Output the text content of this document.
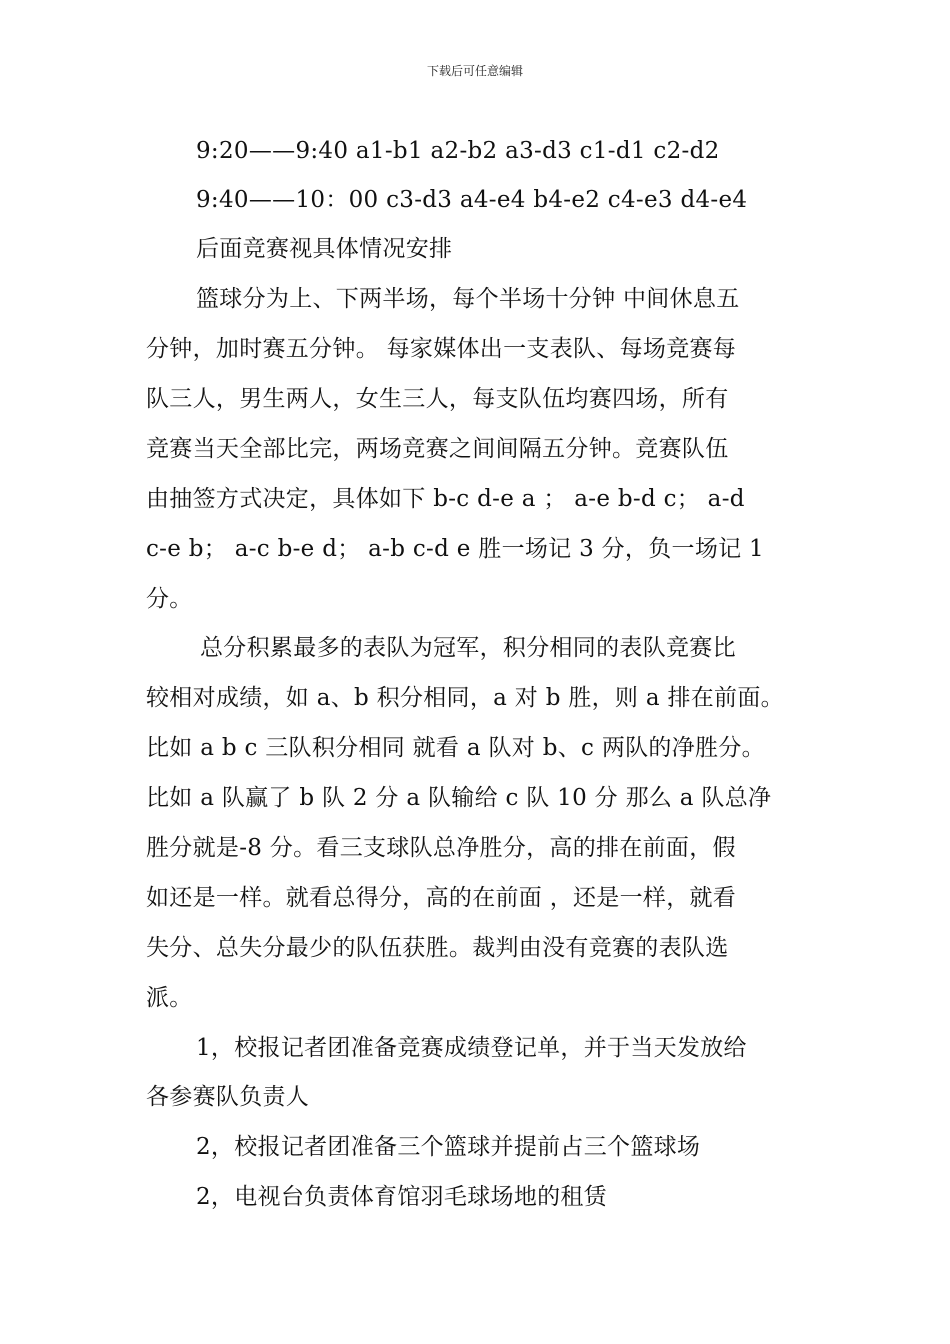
下载后可任意编辑
9:20——9:40 a1-b1 a2-b2 a3-d3 c1-d1 c2-d2
9:40——10：00 c3-d3 a4-e4 b4-e2 c4-e3 d4-e4
后面竞赛视具体情况安排
篮球分为上、下两半场，每个半场十分钟 中间休息五
分钟，加时赛五分钟。 每家媒体出一支表队、每场竞赛每
队三人，男生两人，女生三人，每支队伍均赛四场，所有
竞赛当天全部比完，两场竞赛之间间隔五分钟。竞赛队伍
由抽签方式决定，具体如下 b-c d-e a ； a-e b-d c； a-d
c-e b； a-c b-e d； a-b c-d e 胜一场记 3 分，负一场记 1
分。
总分积累最多的表队为冠军，积分相同的表队竞赛比
较相对成绩，如 a、b 积分相同，a 对 b 胜，则 a 排在前面。
比如 a b c 三队积分相同 就看 a 队对 b、c 两队的净胜分。
比如 a 队赢了 b 队 2 分 a 队输给 c 队 10 分 那么 a 队总净
胜分就是-8 分。看三支球队总净胜分，高的排在前面，假
如还是一样。就看总得分，高的在前面 ，还是一样，就看
失分、总失分最少的队伍获胜。裁判由没有竞赛的表队选
派。
1，校报记者团准备竞赛成绩登记单，并于当天发放给
各参赛队负责人
2，校报记者团准备三个篮球并提前占三个篮球场
2，电视台负责体育馆羽毛球场地的租赁
